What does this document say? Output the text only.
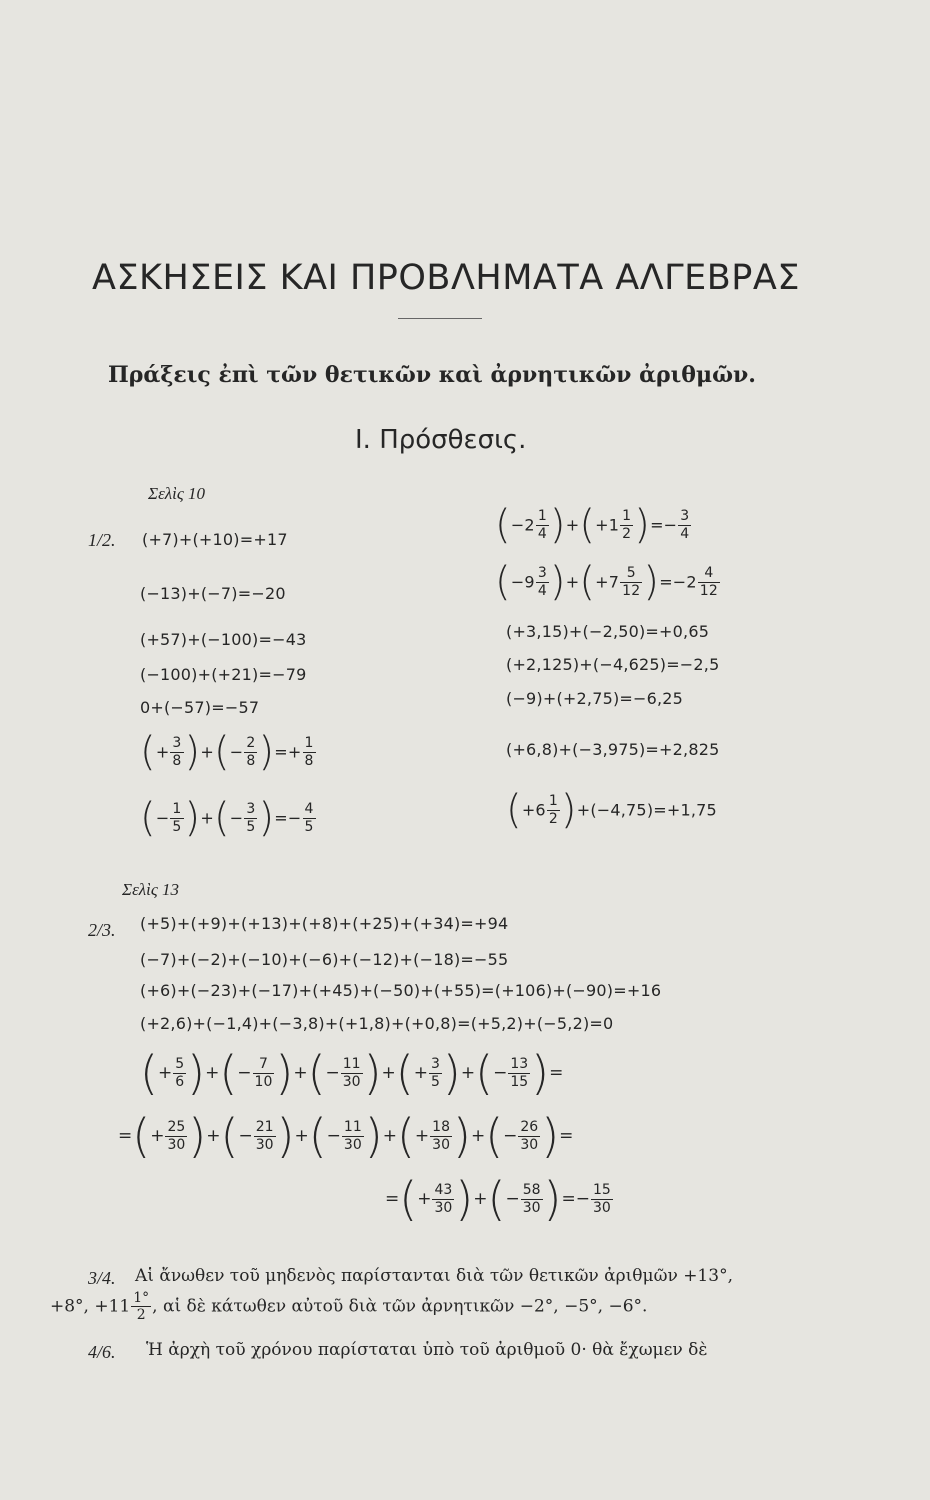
ΑΣΚΗΣΕΙΣ ΚΑΙ ΠΡΟΒΛΗΜΑΤΑ ΑΛΓΕΒΡΑΣ
Πράξεις ἐπὶ τῶν θετικῶν καὶ ἀρνητικῶν ἀριθμῶν.
Ι. Πρόσθεσις.
Σελὶς 10
1/2. (+7)+(+10)=+17
(−13)+(−7)=−20
(+57)+(−100)=−43
(−100)+(+21)=−79
0+(−57)=−57
(+ $\frac{3}{8}$ )+(− $\frac{2}{8}$ )=+ $\frac{1}{8}$
(− $\frac{1}{5}$ )+(− $\frac{3}{5}$ )=− $\frac{4}{5}$
$(-2 \frac{1}{4} )+(+1 \frac{1}{2}$ )=− $\frac{3}{4}$
$(-9 \frac{3}{4} )+(+7 \frac{5}{12} )=-2 \frac{4}{12}$
(+3,15)+(−2,50)=+0,65
(+2,125)+(−4,625)=−2,5
(−9)+(+2,75)=−6,25
(+6,8)+(−3,975)=+2,825
$(+6 \frac{1}{2} )+(-4,75)=+1,75$
Σελὶς 13
2/3. (+5)+(+9)+(+13)+(+8)+(+25)+(+34)=+94
(−7)+(−2)+(−10)+(−6)+(−12)+(−18)=−55
(+6)+(−23)+(−17)+(+45)+(−50)+(+55)=(+106)+(−90)=+16
(+2,6)+(−1,4)+(−3,8)+(+1,8)+(+0,8)=(+5,2)+(−5,2)=0
(+ $\frac{5}{6}$ )+(− $\frac{7}{10}$ )+(− $\frac{11}{30}$ )+(+ $\frac{3}{5}$ )+(− $\frac{13}{15}$ )=
=(+ $\frac{25}{30}$ )+(− $\frac{21}{30}$ )+(− $\frac{11}{30}$ )+(+ $\frac{18}{30}$ )+(− $\frac{26}{30}$ )=
=(+ $\frac{43}{30}$ )+(− $\frac{58}{30}$ )=− $\frac{15}{30}$
3/4. Αἱ ἄνωθεν τοῦ μηδενὸς παρίστανται διὰ τῶν θετικῶν ἀριθμῶν +13°,
+8°, $+11 \frac{1^\circ}{2}$ , αἱ δὲ κάτωθεν αὐτοῦ διὰ τῶν ἀρνητικῶν −2°, −5°, −6°.
4/6. Ἡ ἀρχὴ τοῦ χρόνου παρίσταται ὑπὸ τοῦ ἀριθμοῦ 0· θὰ ἔχωμεν δὲ
